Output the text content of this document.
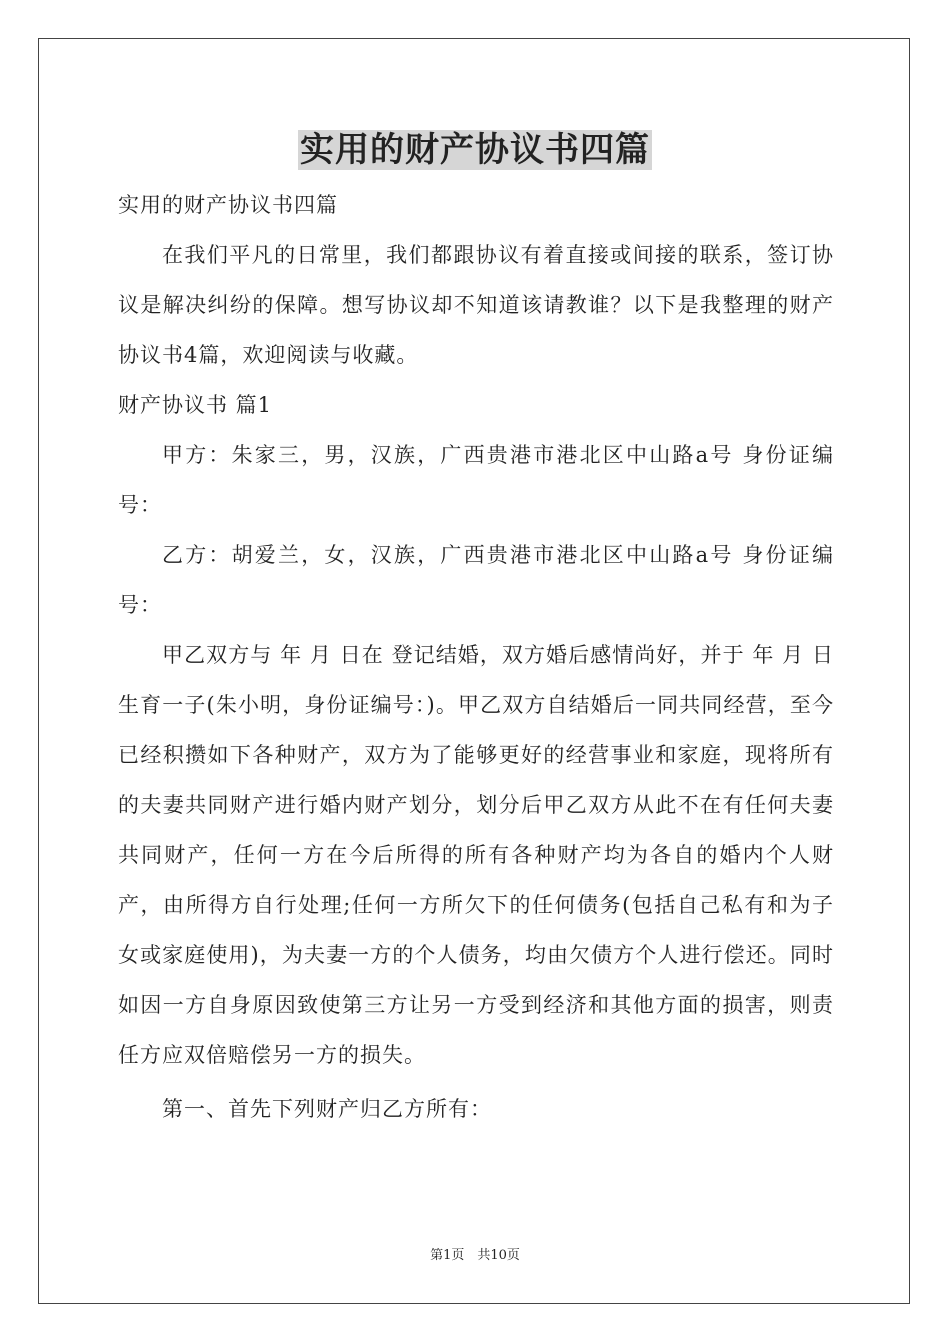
实用的财产协议书四篇
实用的财产协议书四篇

在我们平凡的日常里，我们都跟协议有着直接或间接的联系，签订协议是解决纠纷的保障。想写协议却不知道该请教谁？以下是我整理的财产协议书4篇，欢迎阅读与收藏。

财产协议书 篇1

甲方：朱家三，男，汉族，广西贵港市港北区中山路a号 身份证编号：

乙方：胡爱兰，女，汉族，广西贵港市港北区中山路a号 身份证编号：

甲乙双方与 年 月 日在 登记结婚，双方婚后感情尚好，并于 年 月 日生育一子(朱小明，身份证编号：)。甲乙双方自结婚后一同共同经营，至今已经积攒如下各种财产，双方为了能够更好的经营事业和家庭，现将所有的夫妻共同财产进行婚内财产划分，划分后甲乙双方从此不在有任何夫妻共同财产，任何一方在今后所得的所有各种财产均为各自的婚内个人财产，由所得方自行处理;任何一方所欠下的任何债务(包括自己私有和为子女或家庭使用)，为夫妻一方的个人债务，均由欠债方个人进行偿还。同时如因一方自身原因致使第三方让另一方受到经济和其他方面的损害，则责任方应双倍赔偿另一方的损失。

第一、首先下列财产归乙方所有：

第1页　共10页
